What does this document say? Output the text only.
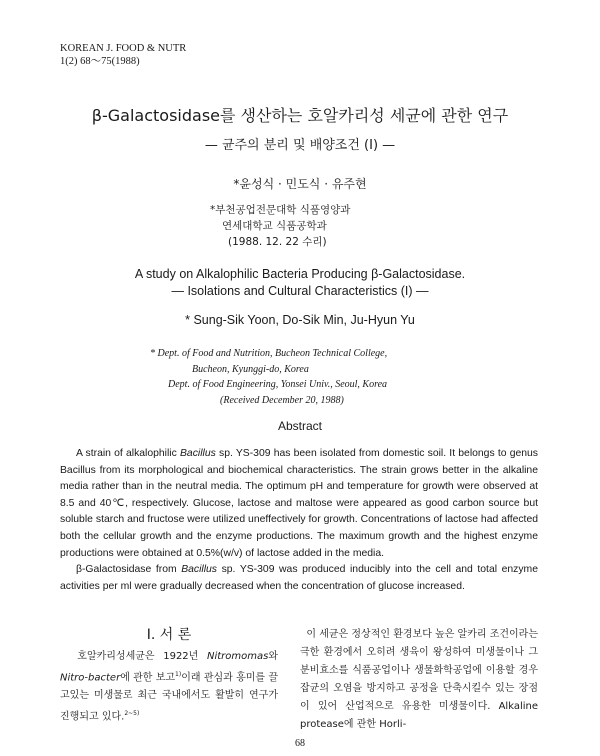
KOREAN J. FOOD & NUTR
1(2) 68～75(1988)
β-Galactosidase를 생산하는 호알카리성 세균에 관한 연구
— 균주의 분리 및 배양조건 (I) —
*윤성식 · 민도식 · 유주현
*부천공업전문대학 식품영양과
연세대학교 식품공학과
(1988. 12. 22 수리)
A study on Alkalophilic Bacteria Producing β-Galactosidase.
— Isolations and Cultural Characteristics (I) —
* Sung-Sik Yoon, Do-Sik Min, Ju-Hyun Yu
* Dept. of Food and Nutrition, Bucheon Technical College,
Bucheon, Kyunggi-do, Korea
Dept. of Food Engineering, Yonsei Univ., Seoul, Korea
(Received December 20, 1988)
Abstract

A strain of alkalophilic Bacillus sp. YS-309 has been isolated from domestic soil. It belongs to genus Bacillus from its morphological and biochemical characteristics. The strain grows better in the alkaline media rather than in the neutral media. The optimum pH and temperature for growth were observed at 8.5 and 40℃, respectively. Glucose, lactose and maltose were appeared as good carbon source but soluble starch and fructose were utilized uneffectively for growth. Concentrations of lactose had affected both the cellular growth and the enzyme productions. The maximum growth and the highest enzyme productions were obtained at 0.5%(w/v) of lactose added in the media.

β-Galactosidase from Bacillus sp. YS-309 was produced inducibly into the cell and total enzyme activities per ml were gradually decreased when the concentration of glucose increased.

I. 서 론

호알카리성세균은 1922년 Nitromomas와 Nitro-bacter에 관한 보고$^{1)}$이래 관심과 흥미를 끌고있는 미생물로 최근 국내에서도 활발히 연구가 진행되고 있다.$^{2\sim 5)}$

이 세균은 정상적인 환경보다 높은 알카리 조건이라는 극한 환경에서 오히려 생육이 왕성하여 미생물이나 그 분비효소를 식품공업이나 생물화학공업에 이용할 경우 잡균의 오염을 방지하고 공정을 단축시킬수 있는 장점이 있어 산업적으로 유용한 미생물이다. Alkaline protease에 관한 Horli-

68
